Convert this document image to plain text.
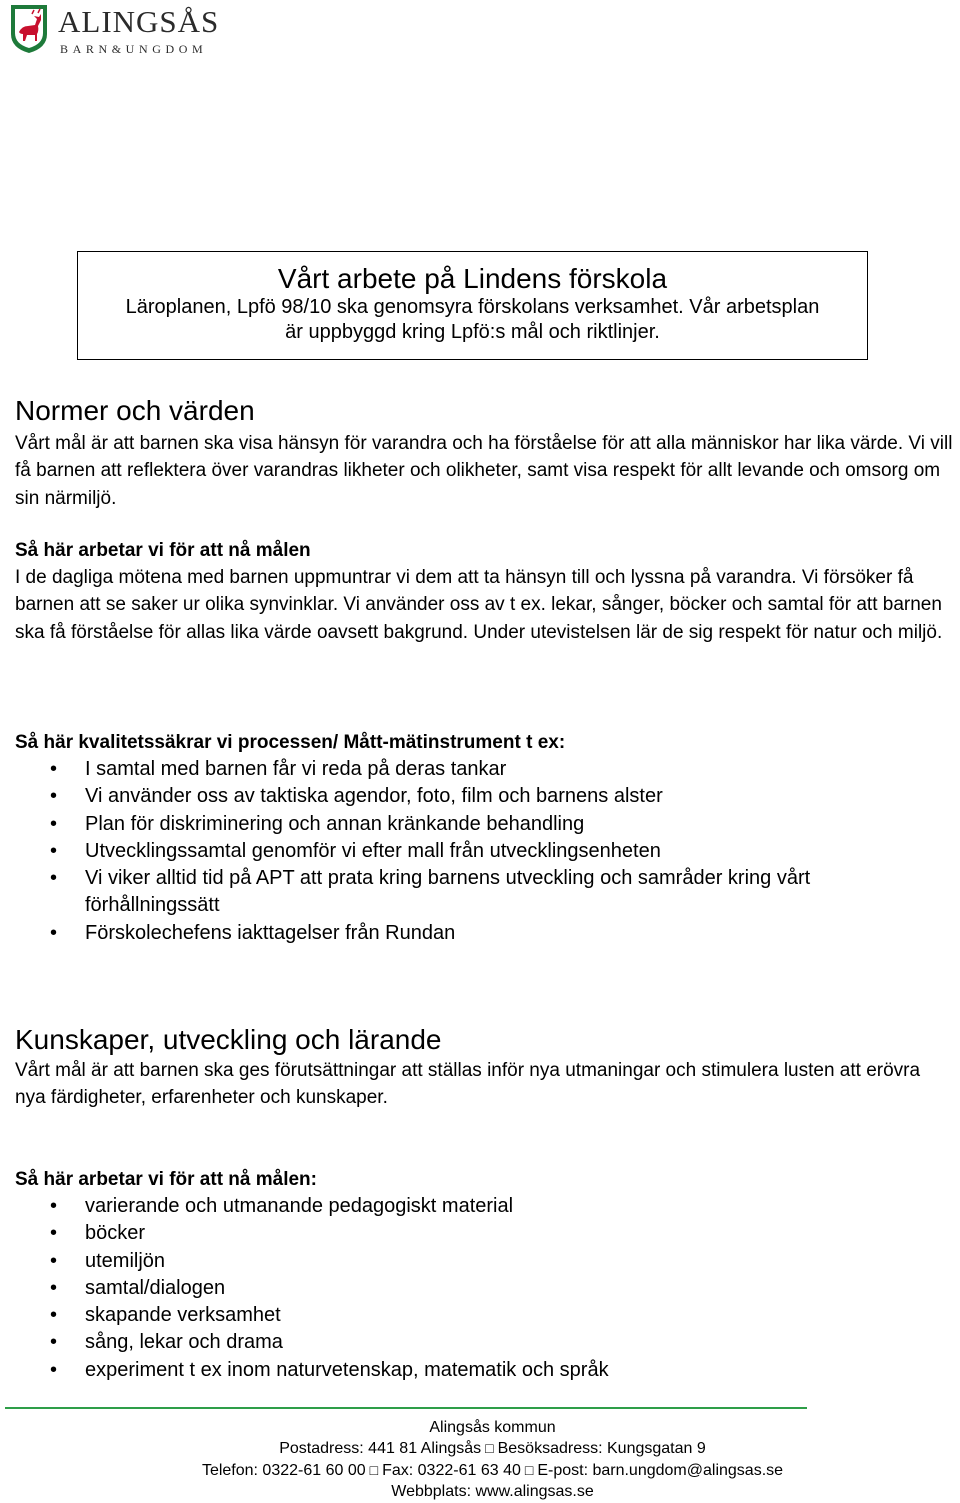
ALINGSÅS
BARN&UNGDOM
Vårt arbete på Lindens förskola
Läroplanen, Lpfö 98/10 ska genomsyra förskolans verksamhet. Vår arbetsplan
är uppbyggd kring Lpfö:s mål och riktlinjer.
Normer och värden
Vårt mål är att barnen ska visa hänsyn för varandra och ha förståelse för att alla människor har lika värde. Vi vill få barnen att reflektera över varandras likheter och olikheter, samt visa respekt för allt levande och omsorg om sin närmiljö.
Så här arbetar vi för att nå målen
I de dagliga mötena med barnen uppmuntrar vi dem att ta hänsyn till och lyssna på varandra. Vi försöker få barnen att se saker ur olika synvinklar. Vi använder oss av t ex. lekar, sånger, böcker och samtal för att barnen ska få förståelse för allas lika värde oavsett bakgrund. Under utevistelsen lär de sig respekt för natur och miljö.
Så här kvalitetssäkrar vi processen/ Mått-mätinstrument t ex:
• I samtal med barnen får vi reda på deras tankar
• Vi använder oss av taktiska agendor, foto, film och barnens alster
• Plan för diskriminering och annan kränkande behandling
• Utvecklingssamtal genomför vi efter mall från utvecklingsenheten
• Vi viker alltid tid på APT att prata kring barnens utveckling och samråder kring vårt förhållningssätt
• Förskolechefens iakttagelser från Rundan
Kunskaper, utveckling och lärande
Vårt mål är att barnen ska ges förutsättningar att ställas inför nya utmaningar och stimulera lusten att erövra nya färdigheter, erfarenheter och kunskaper.
Så här arbetar vi för att nå målen:
• varierande och utmanande pedagogiskt material
• böcker
• utemiljön
• samtal/dialogen
• skapande verksamhet
• sång, lekar och drama
• experiment t ex inom naturvetenskap, matematik och språk
Alingsås kommun
Postadress: 441 81 Alingsås □ Besöksadress: Kungsgatan 9
Telefon: 0322-61 60 00 □ Fax: 0322-61 63 40 □ E-post: barn.ungdom@alingsas.se
Webbplats: www.alingsas.se
